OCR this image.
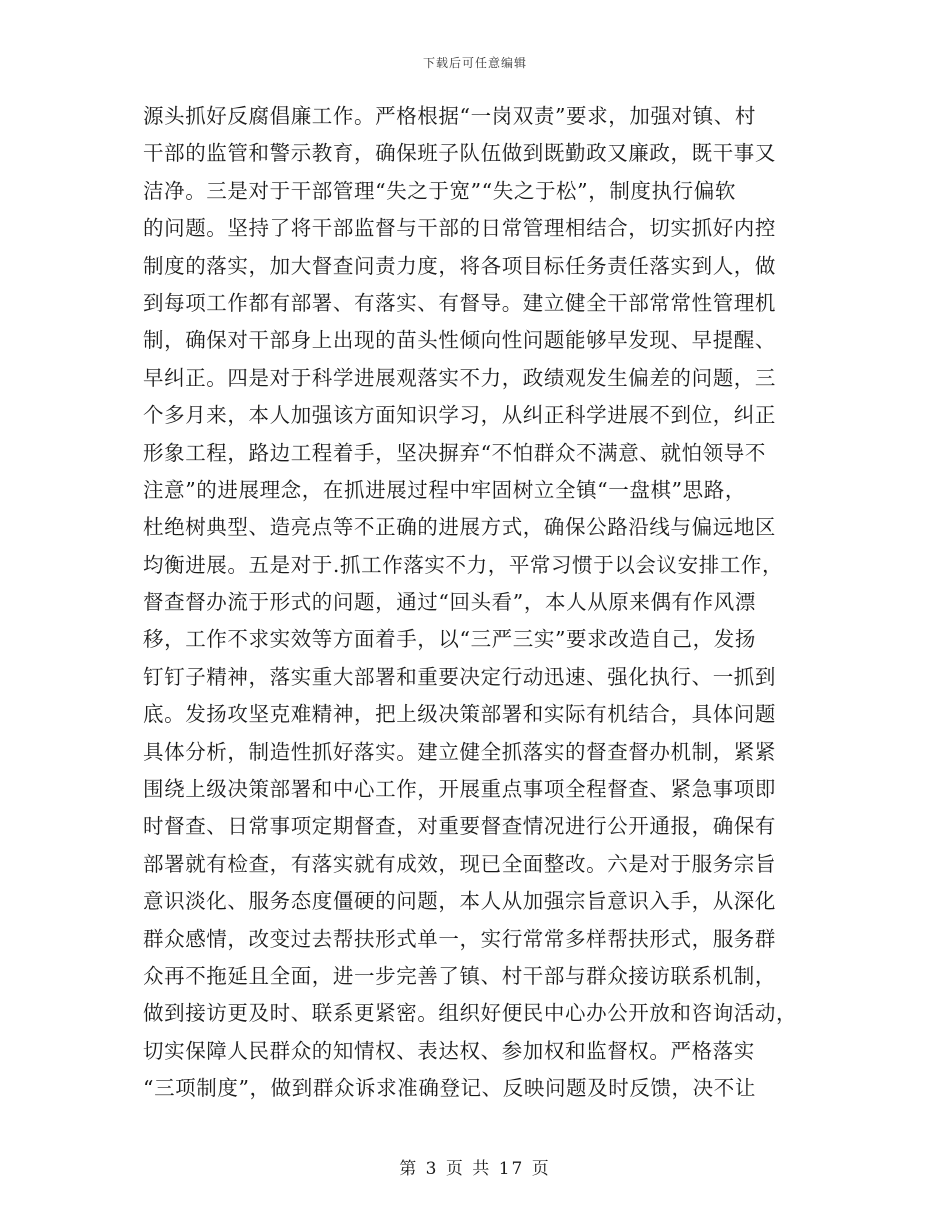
下载后可任意编辑
源头抓好反腐倡廉工作。严格根据“一岗双责”要求，加强对镇、村
干部的监管和警示教育，确保班子队伍做到既勤政又廉政，既干事又
洁净。三是对于干部管理“失之于宽”“失之于松”，制度执行偏软
的问题。坚持了将干部监督与干部的日常管理相结合，切实抓好内控
制度的落实，加大督查问责力度，将各项目标任务责任落实到人，做
到每项工作都有部署、有落实、有督导。建立健全干部常常性管理机
制，确保对干部身上出现的苗头性倾向性问题能够早发现、早提醒、
早纠正。四是对于科学进展观落实不力，政绩观发生偏差的问题，三
个多月来，本人加强该方面知识学习，从纠正科学进展不到位，纠正
形象工程，路边工程着手，坚决摒弃“不怕群众不满意、就怕领导不
注意”的进展理念，在抓进展过程中牢固树立全镇“一盘棋”思路，
杜绝树典型、造亮点等不正确的进展方式，确保公路沿线与偏远地区
均衡进展。五是对于.抓工作落实不力，平常习惯于以会议安排工作，
督查督办流于形式的问题，通过“回头看”，本人从原来偶有作风漂
移，工作不求实效等方面着手，以“三严三实”要求改造自己，发扬
钉钉子精神，落实重大部署和重要决定行动迅速、强化执行、一抓到
底。发扬攻坚克难精神，把上级决策部署和实际有机结合，具体问题
具体分析，制造性抓好落实。建立健全抓落实的督查督办机制，紧紧
围绕上级决策部署和中心工作，开展重点事项全程督查、紧急事项即
时督查、日常事项定期督查，对重要督查情况进行公开通报，确保有
部署就有检查，有落实就有成效，现已全面整改。六是对于服务宗旨
意识淡化、服务态度僵硬的问题，本人从加强宗旨意识入手，从深化
群众感情，改变过去帮扶形式单一，实行常常多样帮扶形式，服务群
众再不拖延且全面，进一步完善了镇、村干部与群众接访联系机制，
做到接访更及时、联系更紧密。组织好便民中心办公开放和咨询活动，
切实保障人民群众的知情权、表达权、参加权和监督权。严格落实
“三项制度”，做到群众诉求准确登记、反映问题及时反馈，决不让
第 3 页 共 17 页
